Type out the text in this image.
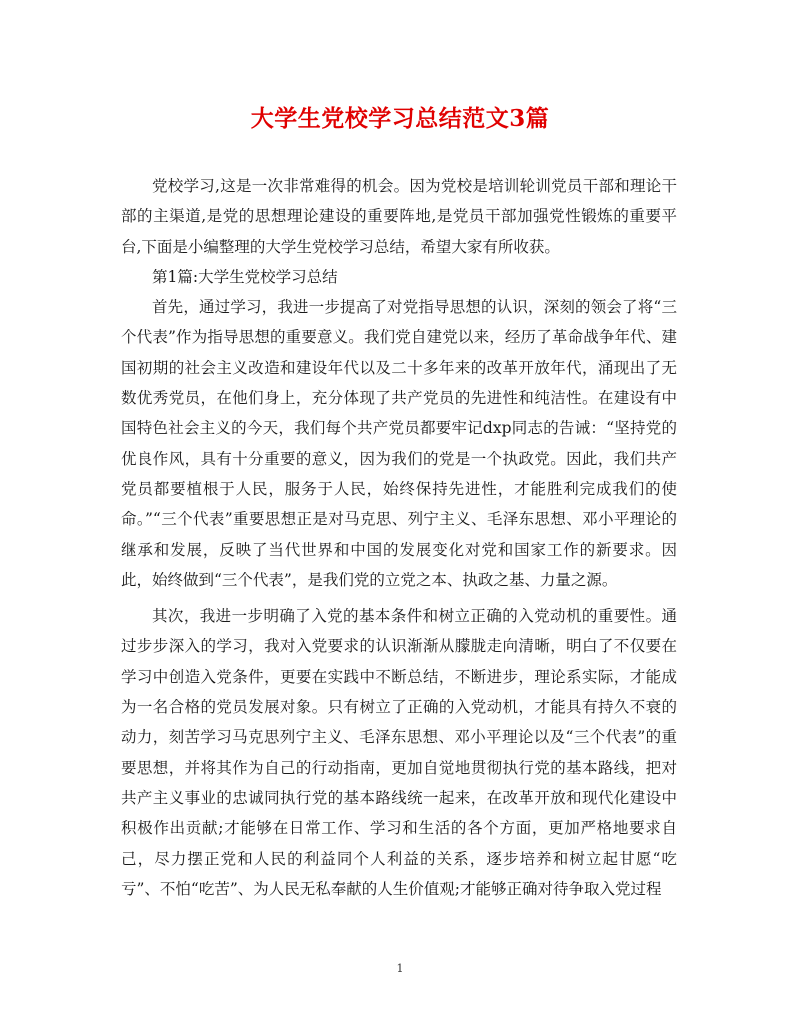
大学生党校学习总结范文3篇

党校学习,这是一次非常难得的机会。因为党校是培训轮训党员干部和理论干部的主渠道,是党的思想理论建设的重要阵地,是党员干部加强党性锻炼的重要平台,下面是小编整理的大学生党校学习总结，希望大家有所收获。

第1篇:大学生党校学习总结

首先，通过学习，我进一步提高了对党指导思想的认识，深刻的领会了将“三个代表”作为指导思想的重要意义。我们党自建党以来，经历了革命战争年代、建国初期的社会主义改造和建设年代以及二十多年来的改革开放年代，涌现出了无数优秀党员，在他们身上，充分体现了共产党员的先进性和纯洁性。在建设有中国特色社会主义的今天，我们每个共产党员都要牢记dxp同志的告诫：“坚持党的优良作风，具有十分重要的意义，因为我们的党是一个执政党。因此，我们共产党员都要植根于人民，服务于人民，始终保持先进性，才能胜利完成我们的使命。”“三个代表”重要思想正是对马克思、列宁主义、毛泽东思想、邓小平理论的继承和发展，反映了当代世界和中国的发展变化对党和国家工作的新要求。因此，始终做到“三个代表”，是我们党的立党之本、执政之基、力量之源。

其次，我进一步明确了入党的基本条件和树立正确的入党动机的重要性。通过步步深入的学习，我对入党要求的认识渐渐从朦胧走向清晰，明白了不仅要在学习中创造入党条件，更要在实践中不断总结，不断进步，理论系实际，才能成为一名合格的党员发展对象。只有树立了正确的入党动机，才能具有持久不衰的动力，刻苦学习马克思列宁主义、毛泽东思想、邓小平理论以及“三个代表”的重要思想，并将其作为自己的行动指南，更加自觉地贯彻执行党的基本路线，把对共产主义事业的忠诚同执行党的基本路线统一起来，在改革开放和现代化建设中积极作出贡献;才能够在日常工作、学习和生活的各个方面，更加严格地要求自己，尽力摆正党和人民的利益同个人利益的关系，逐步培养和树立起甘愿“吃亏”、不怕“吃苦”、为人民无私奉献的人生价值观;才能够正确对待争取入党过程

1
